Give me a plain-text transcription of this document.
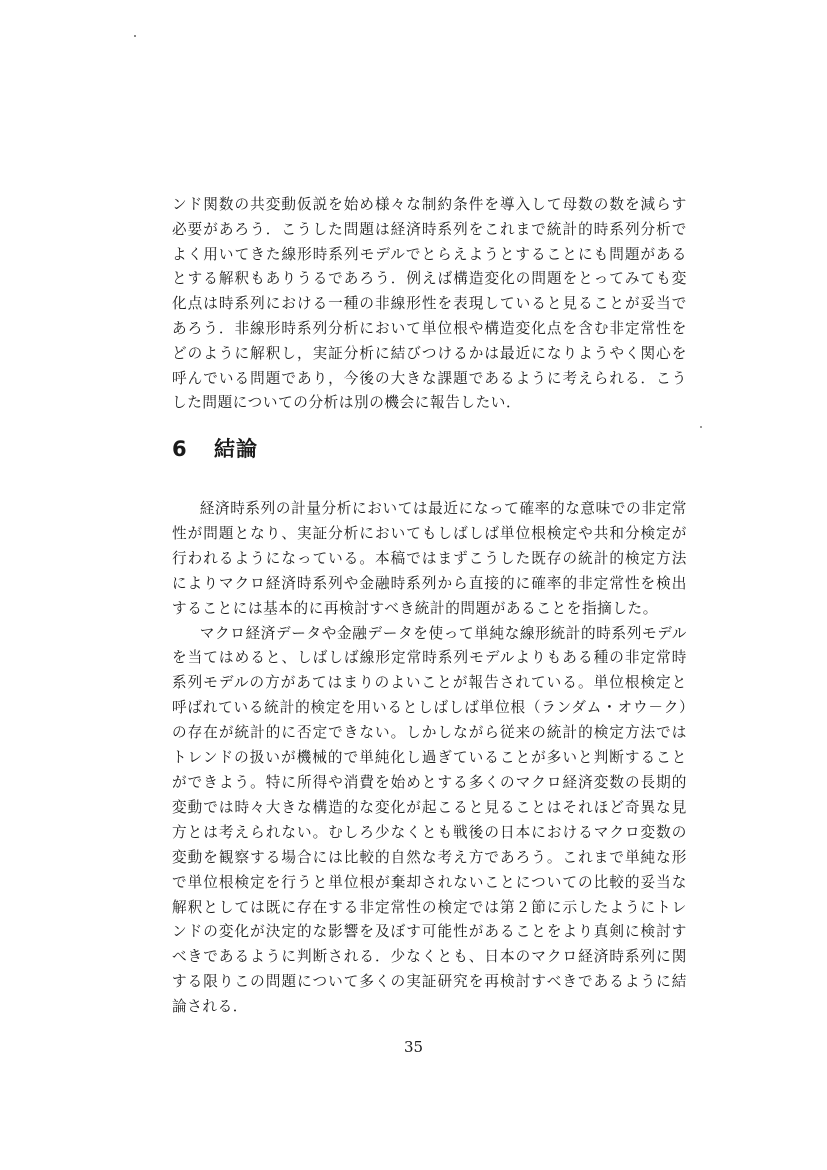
ンド関数の共変動仮説を始め様々な制約条件を導入して母数の数を減らす必要があろう．こうした問題は経済時系列をこれまで統計的時系列分析でよく用いてきた線形時系列モデルでとらえようとすることにも問題があるとする解釈もありうるであろう．例えば構造変化の問題をとってみても変化点は時系列における一種の非線形性を表現していると見ることが妥当であろう．非線形時系列分析において単位根や構造変化点を含む非定常性をどのように解釈し，実証分析に結びつけるかは最近になりようやく関心を呼んでいる問題であり，今後の大きな課題であるように考えられる．こうした問題についての分析は別の機会に報告したい．

6 結論

経済時系列の計量分析においては最近になって確率的な意味での非定常性が問題となり、実証分析においてもしばしば単位根検定や共和分検定が行われるようになっている。本稿ではまずこうした既存の統計的検定方法によりマクロ経済時系列や金融時系列から直接的に確率的非定常性を検出することには基本的に再検討すべき統計的問題があることを指摘した。

マクロ経済データや金融データを使って単純な線形統計的時系列モデルを当てはめると、しばしば線形定常時系列モデルよりもある種の非定常時系列モデルの方があてはまりのよいことが報告されている。単位根検定と呼ばれている統計的検定を用いるとしばしば単位根（ランダム・オウ－ク）の存在が統計的に否定できない。しかしながら従来の統計的検定方法ではトレンドの扱いが機械的で単純化し過ぎていることが多いと判断することができよう。特に所得や消費を始めとする多くのマクロ経済変数の長期的変動では時々大きな構造的な変化が起こると見ることはそれほど奇異な見方とは考えられない。むしろ少なくとも戦後の日本におけるマクロ変数の変動を観察する場合には比較的自然な考え方であろう。これまで単純な形で単位根検定を行うと単位根が棄却されないことについての比較的妥当な解釈としては既に存在する非定常性の検定では第２節に示したようにトレンドの変化が決定的な影響を及ぼす可能性があることをより真剣に検討すべきであるように判断される．少なくとも、日本のマクロ経済時系列に関する限りこの問題について多くの実証研究を再検討すべきであるように結論される．

35
